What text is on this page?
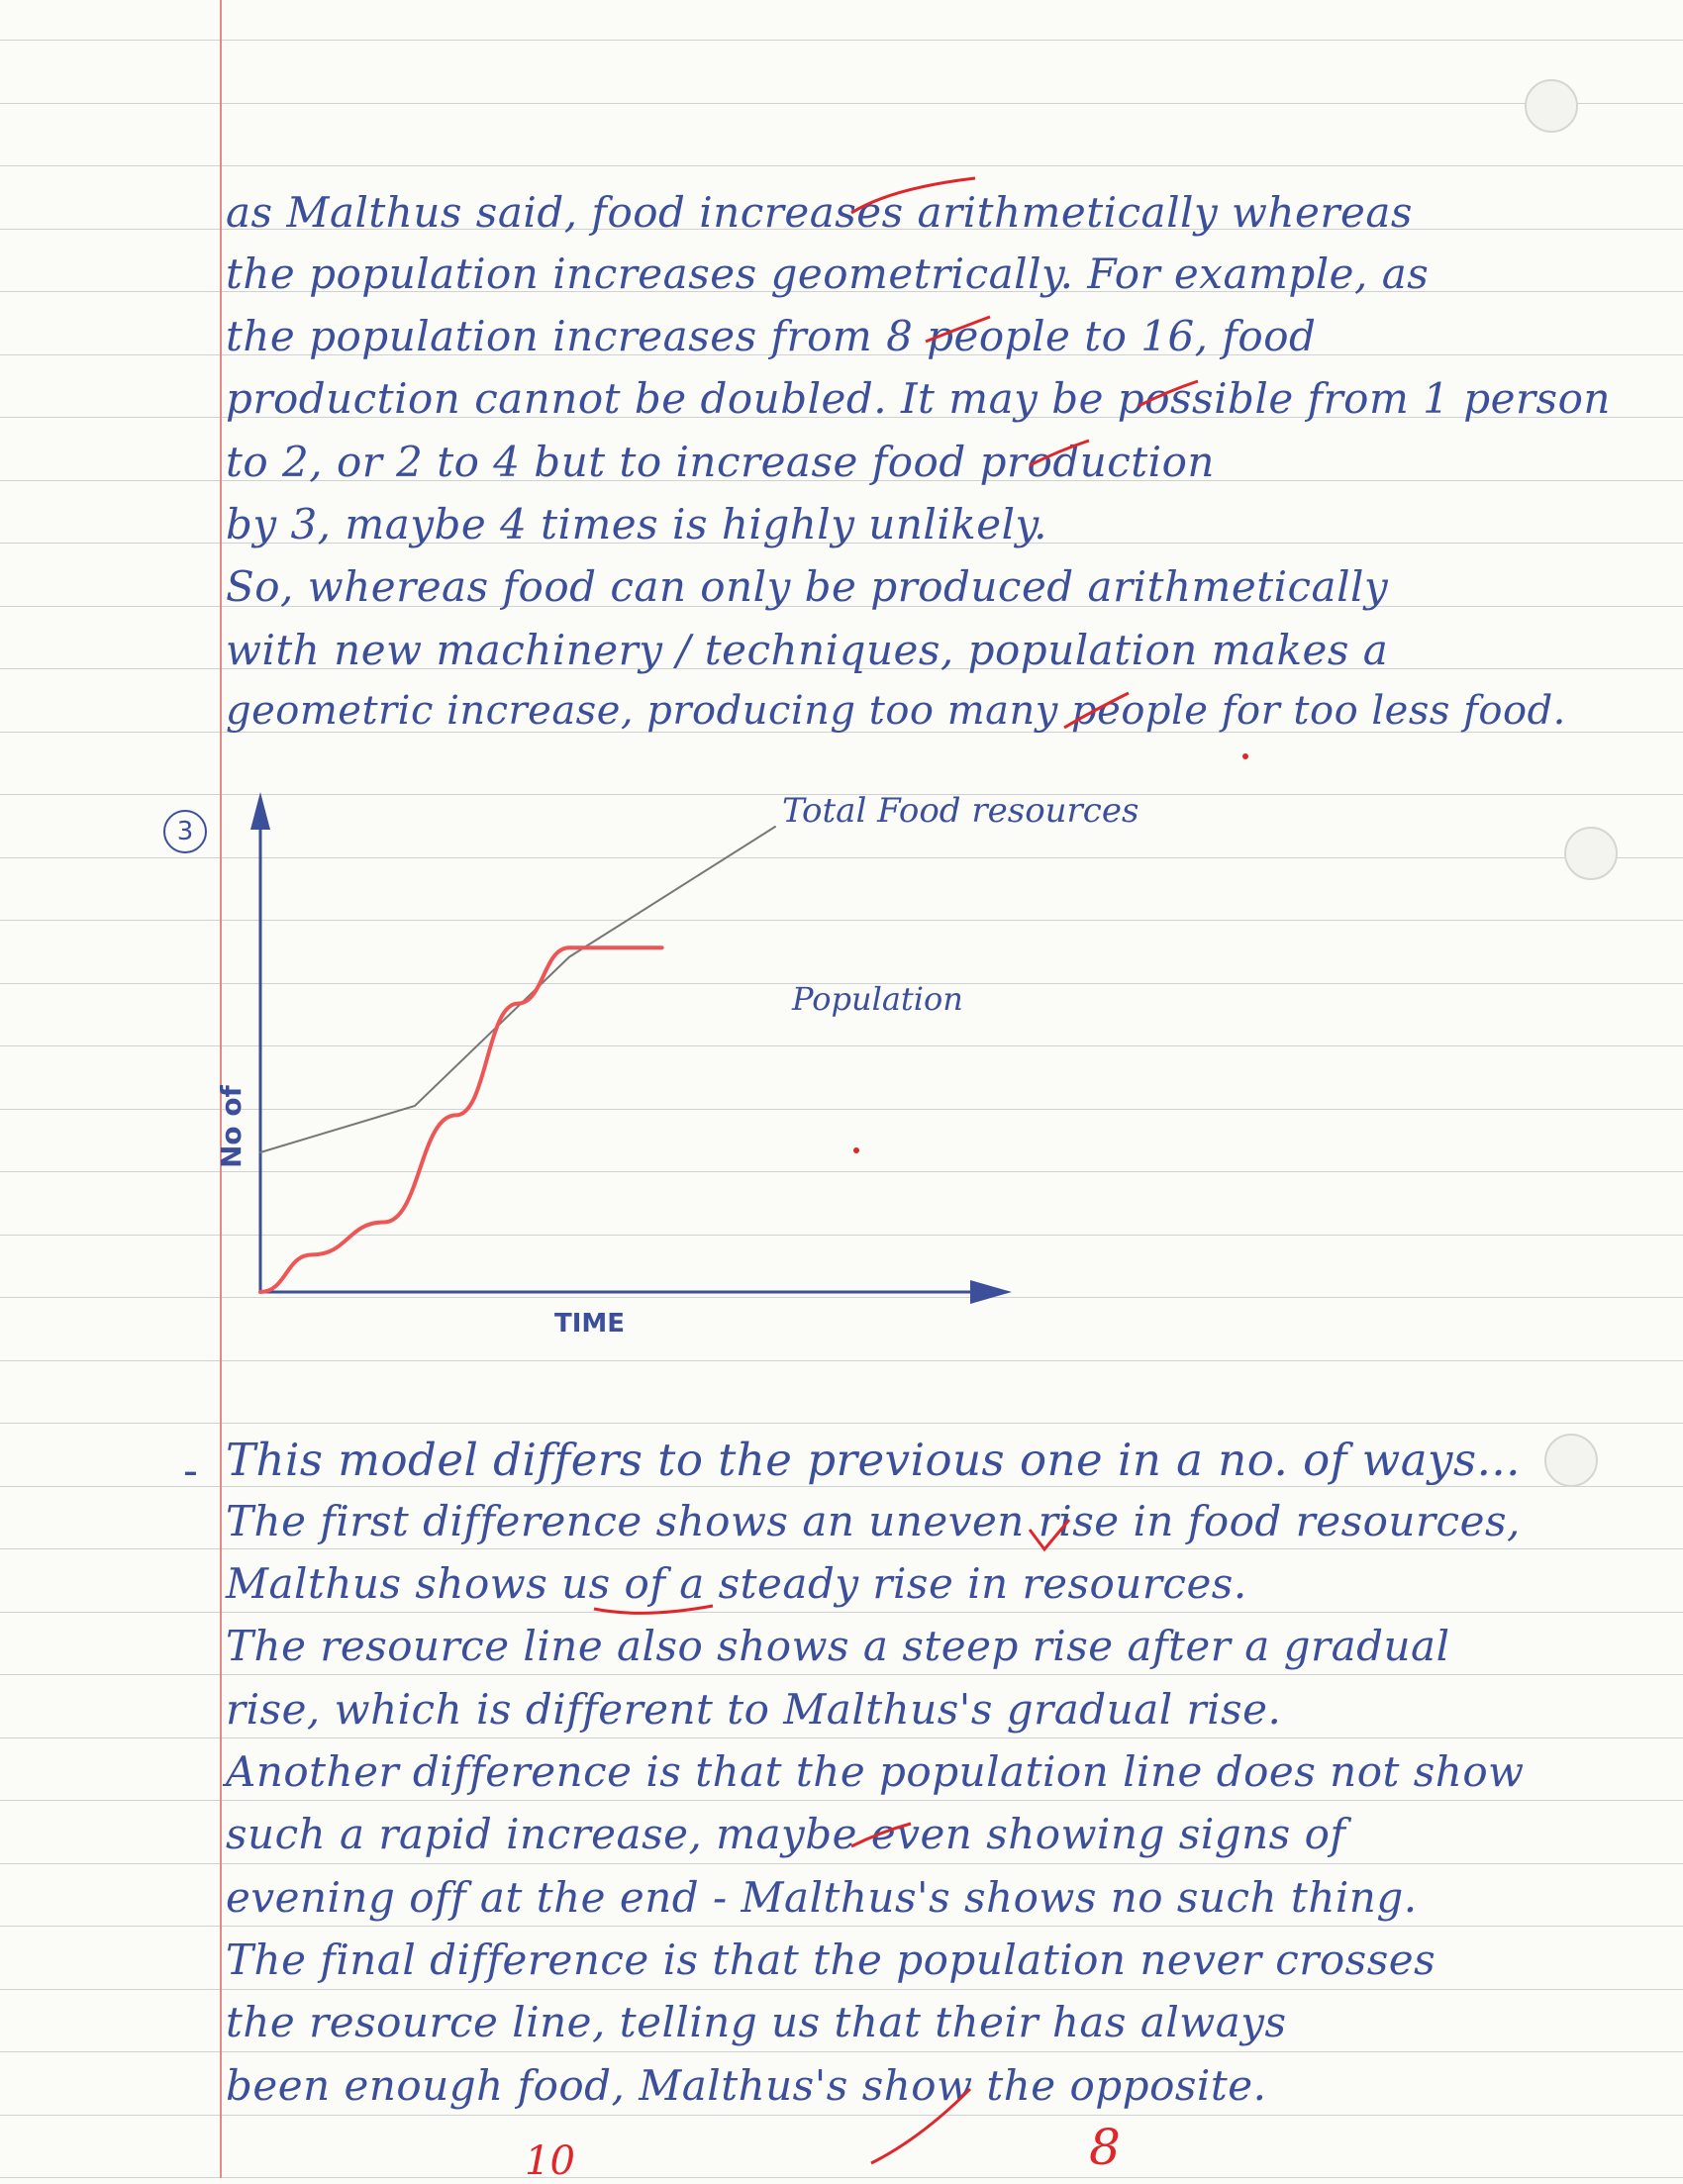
as Malthus said, food increases arithmetically whereas
the population increases geometrically. For example, as
the population increases from 8 people to 16, food
production cannot be doubled. It may be possible from 1 person
to 2, or 2 to 4 but to increase food production
by 3, maybe 4 times is highly unlikely.
So, whereas food can only be produced arithmetically
with new machinery / techniques, population makes a
geometric increase, producing too many people for too less food.
3
Total Food resources
Population
TIME
No of
- This model differs to the previous one in a no. of ways...
The first difference shows an uneven rise in food resources,
Malthus shows us of a steady rise in resources.
The resource line also shows a steep rise after a gradual
rise, which is different to Malthus's gradual rise.
Another difference is that the population line does not show
such a rapid increase, maybe even showing signs of
evening off at the end - Malthus's shows no such thing.
The final difference is that the population never crosses
the resource line, telling us that their has always
been enough food, Malthus's show the opposite.
10	8
